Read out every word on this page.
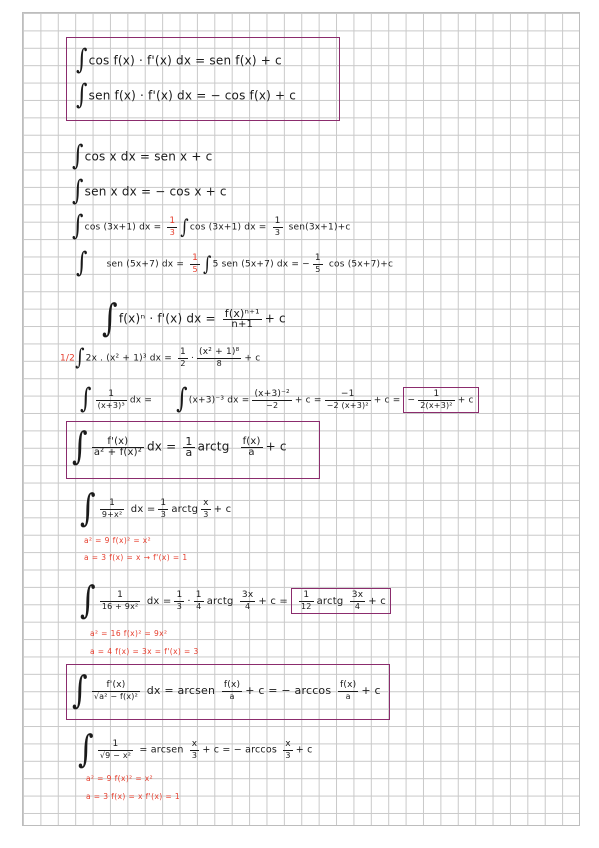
∫cos f(x) · f'(x) dx = sen f(x) + c
∫sen f(x) · f'(x) dx = − cos f(x) + c
∫cos x dx = sen x + c
∫sen x dx = − cos x + c
∫cos (3x+1) dx = $\frac{1}{3} \int\cos$ (3x+1) dx = $\frac{1}{3} sen(3x+1)+c$
∫ sen (5x+7) dx = $\frac{1}{5} \int 5$ sen (5x+7) dx = − $\frac{1}{5}$ cos (5x+7)+c
∫f(x)ⁿ · f'(x) dx = $\frac{\text{f(x)ⁿ⁺¹}}{n+1} + c$
1/2∫2x . (x² + 1)³ dx = $\frac{1}{2} \cdot \frac{\text{(x² + 1)⁸}}{8} + c$
∫ $\frac{1}{\text{(x+3)³}}$ dx = ∫(x+3)⁻³ dx = $\frac{\text{(x+3)⁻²}}{-2} + c = \frac{-1}{\text{−2 (x+3)²}} + c$ = − $\frac{1}{\text{2(x+3)²}} + c$
∫ $\frac{f'(x)}{\text{a² + f(x)²}}$ dx = $\frac{1}{a}$ arctg $\frac{f(x)}{a} + c$
∫ $\frac{1}{\text{9+x²}}$ dx = $\frac{1}{3}$ arctg $\frac{x}{3} + c$
a² = 9 f(x)² = x²
a = 3 f(x) = x → f'(x) = 1
∫ $\frac{1}{\text{16 + 9x²}}$ dx = $\frac{1}{3} \cdot \frac{1}{4}$ arctg $\frac{3x}{4} + c = \frac{1}{12}$ arctg $\frac{3x}{4} + c$
a² = 16 f(x)² = 9x²
a = 4 f(x) = 3x = f'(x) = 3
∫ $\frac{f'(x)}{\text{√a² − f(x)²}}$ dx = arcsen $\frac{f(x)}{a} + c$ = − $\arccos \frac{f(x)}{a} + c$
∫ $\frac{1}{\text{√9 − x²}}$ = arcsen $\frac{x}{3} + c$ = − $\arccos \frac{x}{3} + c$
a² = 9 f(x)² = x²
a = 3 f(x) = x f'(x) = 1
